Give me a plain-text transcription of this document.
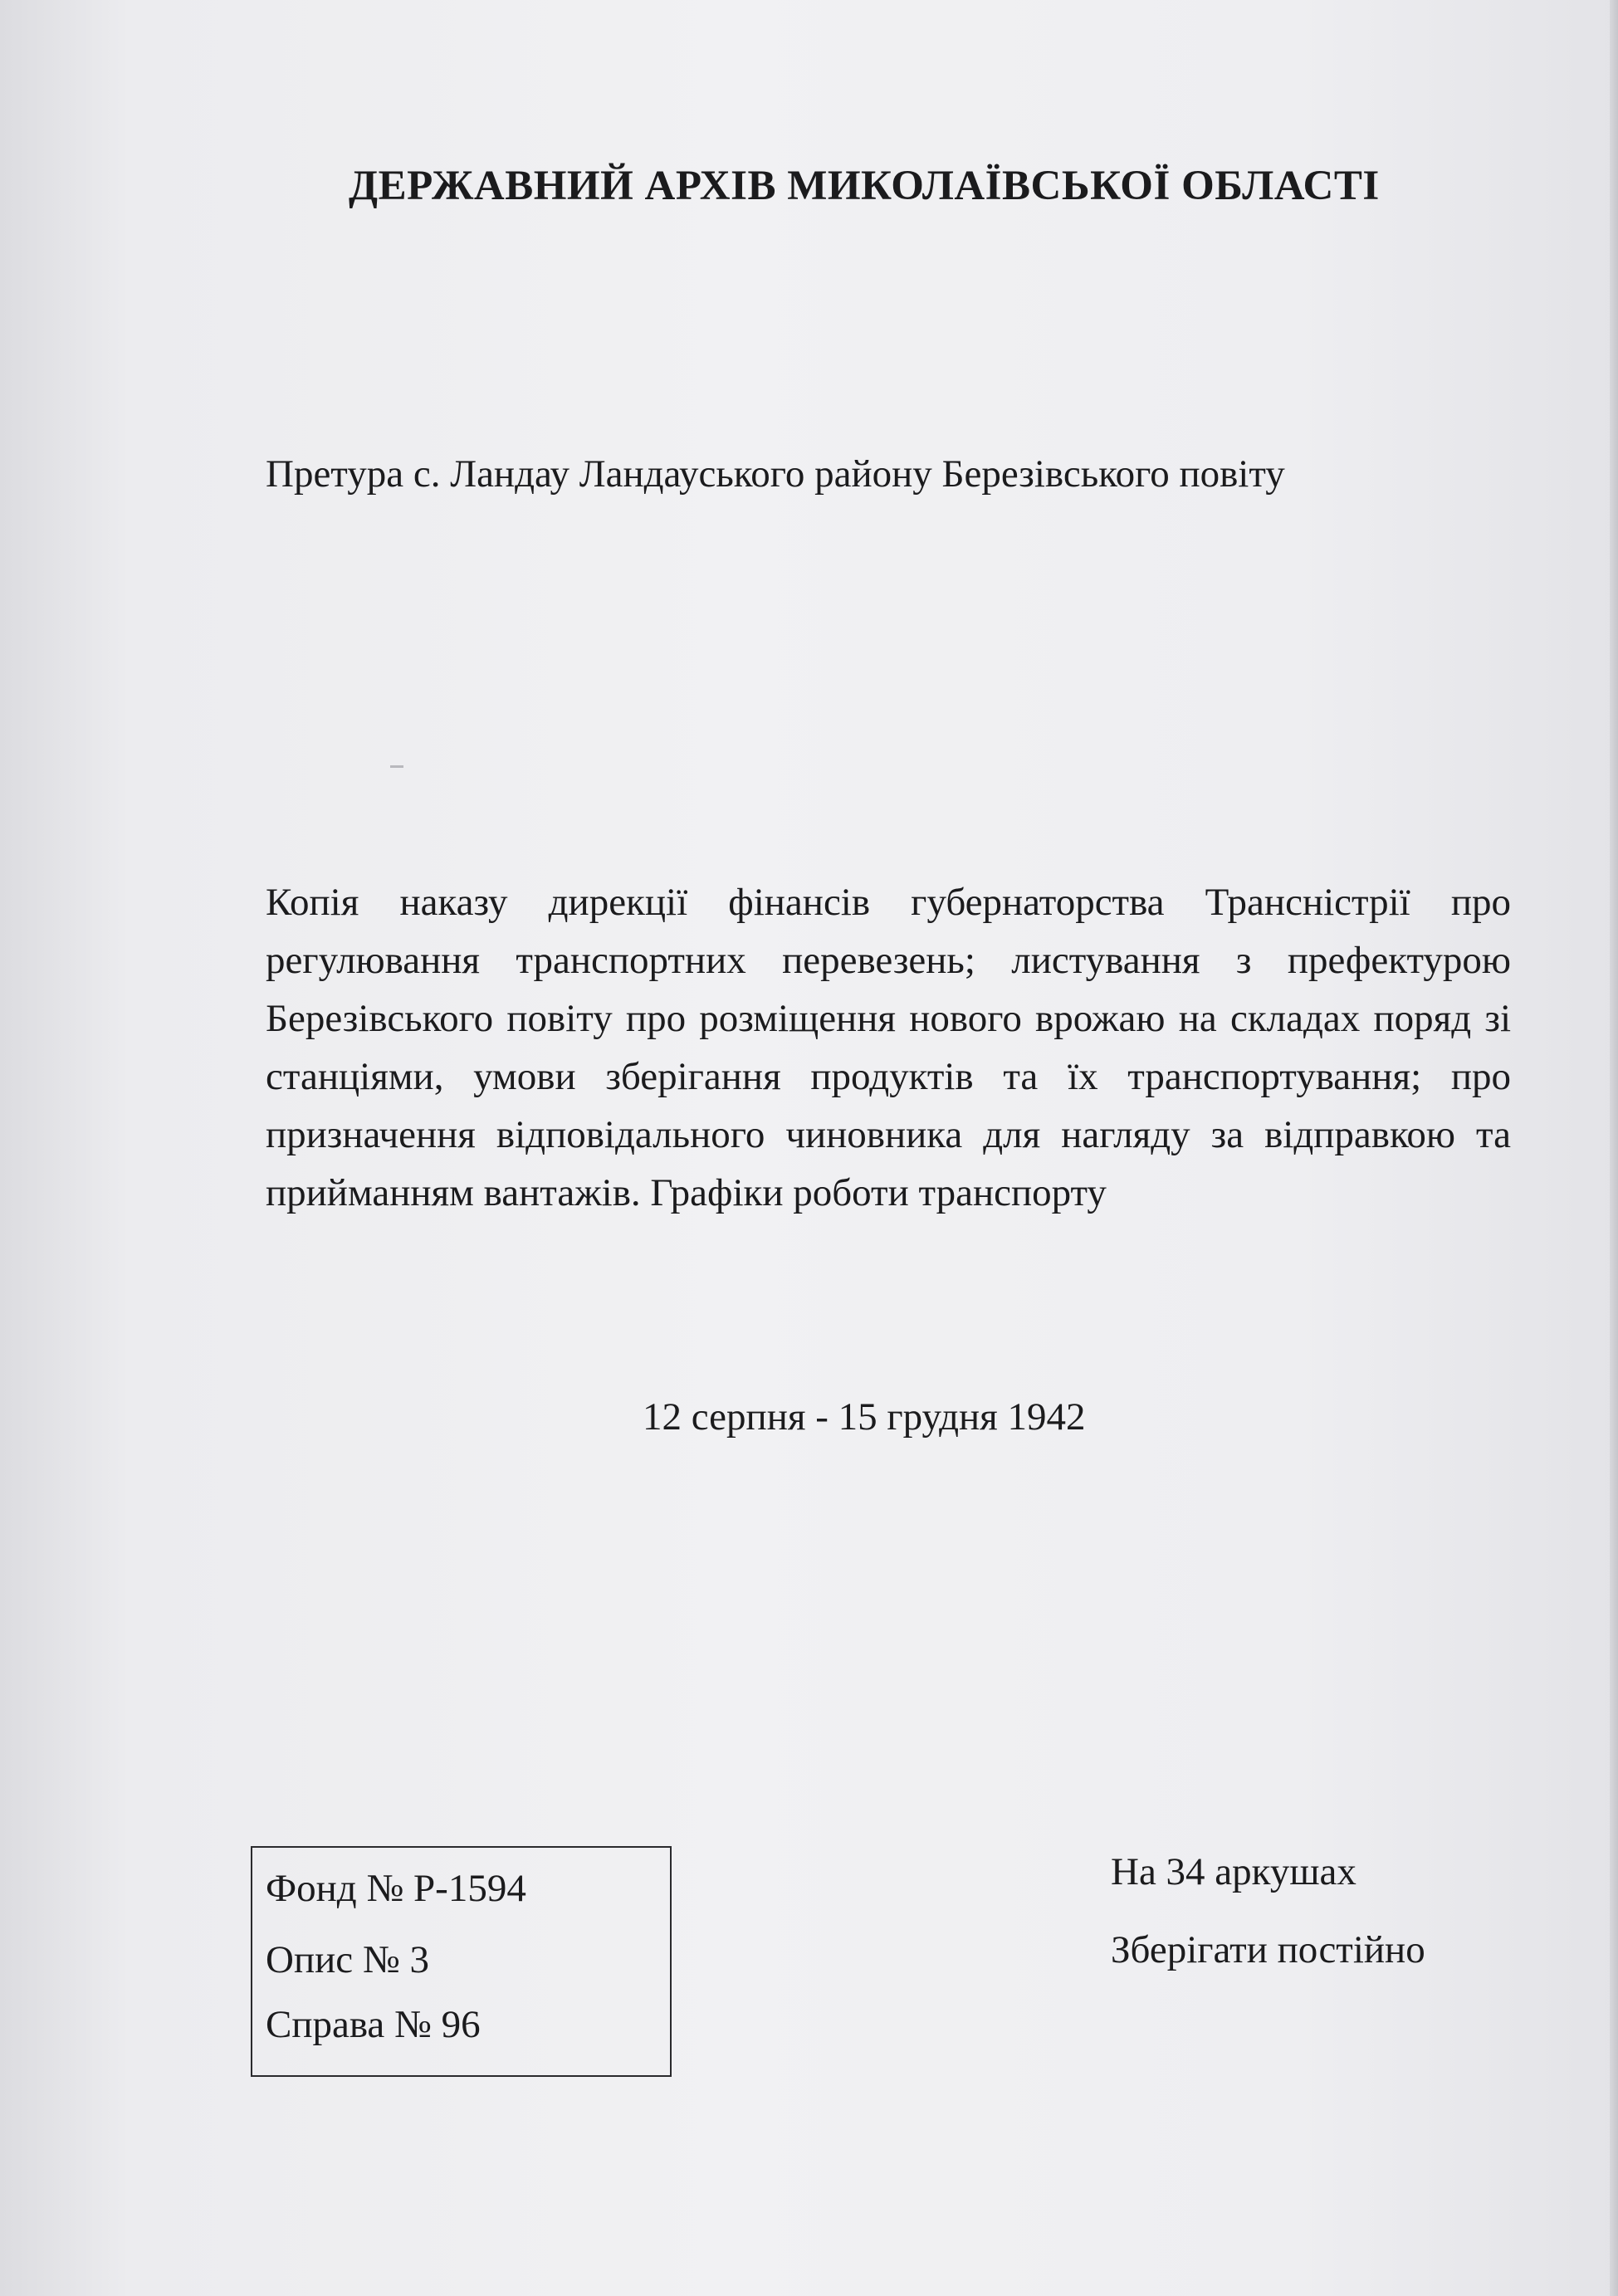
ДЕРЖАВНИЙ АРХІВ МИКОЛАЇВСЬКОЇ ОБЛАСТІ
Претура с. Ландау Ландауського району Березівського повіту

Копія наказу дирекції фінансів губернаторства Трансністрії про регулювання транспортних перевезень; листування з префектурою Березівського повіту про розміщення нового врожаю на складах поряд зі станціями, умови зберігання продуктів та їх транспортування; про призначення відповідального чиновника для нагляду за відправкою та прийманням вантажів. Графіки роботи транспорту

12 серпня - 15 грудня 1942
Фонд № Р-1594
Опис № 3
Справа № 96
На 34 аркушах
Зберігати постійно
